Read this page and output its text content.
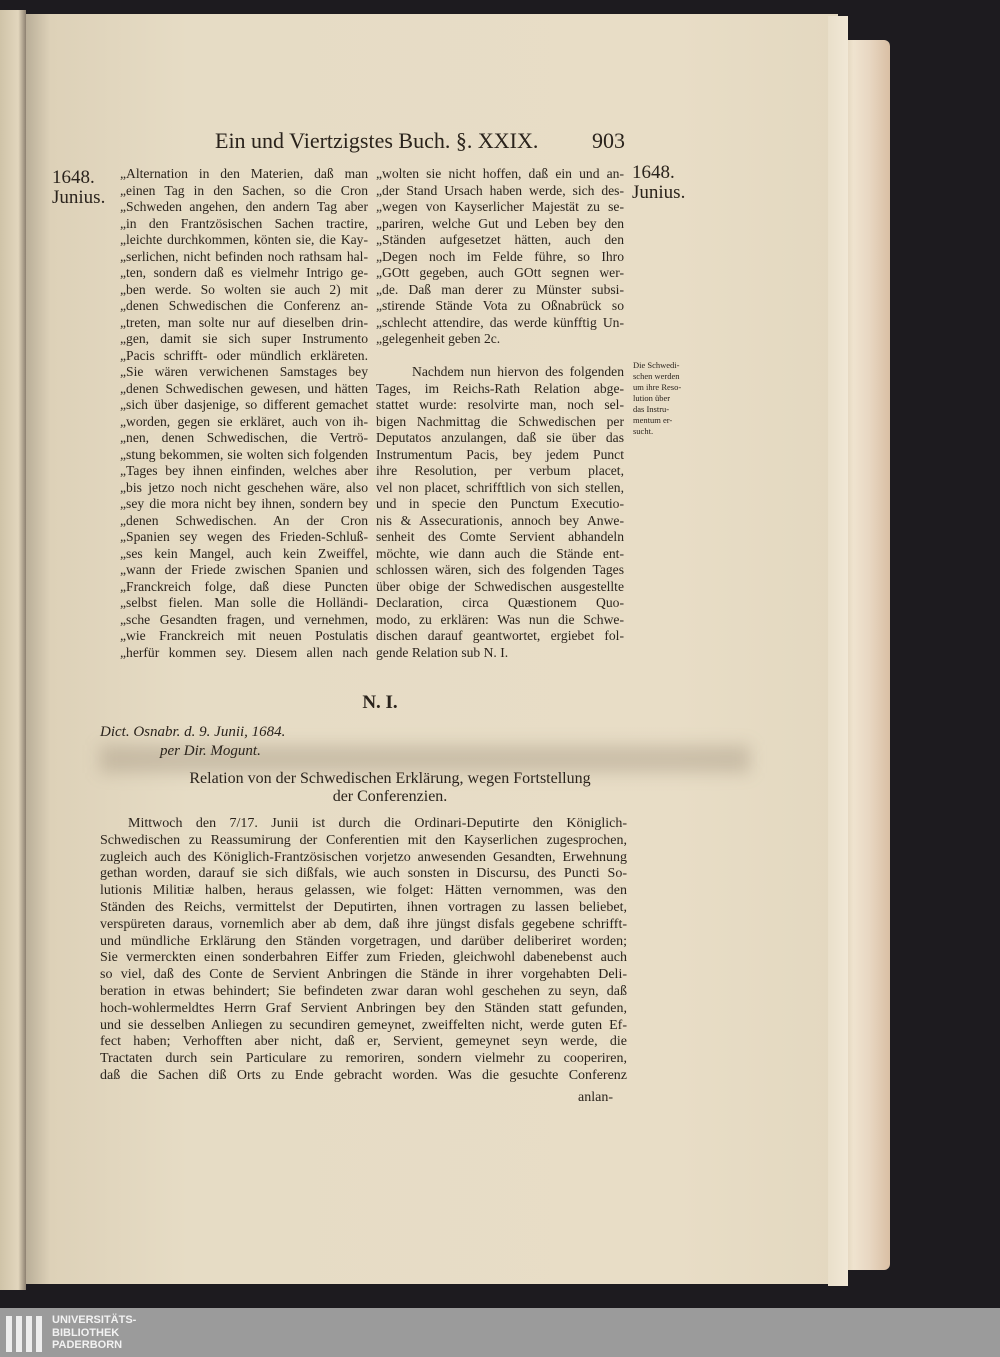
Ein und Viertzigstes Buch. §. XXIX. 903
1648.
Junius.
1648.
Junius.
„Alternation in den Materien, daß man
„einen Tag in den Sachen, so die Cron
„Schweden angehen, den andern Tag aber
„in den Frantzösischen Sachen tractire,
„leichte durchkommen, könten sie, die Kay-
„serlichen, nicht befinden noch rathsam hal-
„ten, sondern daß es vielmehr Intrigo ge-
„ben werde. So wolten sie auch 2) mit
„denen Schwedischen die Conferenz an-
„treten, man solte nur auf dieselben drin-
„gen, damit sie sich super Instrumento
„Pacis schrifft- oder mündlich erkläreten.
„Sie wären verwichenen Samstages bey
„denen Schwedischen gewesen, und hätten
„sich über dasjenige, so different gemachet
„worden, gegen sie erkläret, auch von ih-
„nen, denen Schwedischen, die Vertrö-
„stung bekommen, sie wolten sich folgenden
„Tages bey ihnen einfinden, welches aber
„bis jetzo noch nicht geschehen wäre, also
„sey die mora nicht bey ihnen, sondern bey
„denen Schwedischen. An der Cron
„Spanien sey wegen des Frieden-Schluß-
„ses kein Mangel, auch kein Zweiffel,
„wann der Friede zwischen Spanien und
„Franckreich folge, daß diese Puncten
„selbst fielen. Man solle die Holländi-
„sche Gesandten fragen, und vernehmen,
„wie Franckreich mit neuen Postulatis
„herfür kommen sey. Diesem allen nach
„wolten sie nicht hoffen, daß ein und an-
„der Stand Ursach haben werde, sich des-
„wegen von Kayserlicher Majestät zu se-
„pariren, welche Gut und Leben bey den
„Ständen aufgesetzet hätten, auch den
„Degen noch im Felde führe, so Ihro
„GOtt gegeben, auch GOtt segnen wer-
„de. Daß man derer zu Münster subsi-
„stirende Stände Vota zu Oßnabrück so
„schlecht attendire, das werde künfftig Un-
„gelegenheit geben 2c.
Nachdem nun hiervon des folgenden
Tages, im Reichs-Rath Relation abge-
stattet wurde: resolvirte man, noch sel-
bigen Nachmittag die Schwedischen per
Deputatos anzulangen, daß sie über das
Instrumentum Pacis, bey jedem Punct
ihre Resolution, per verbum placet,
vel non placet, schrifftlich von sich stellen,
und in specie den Punctum Executio-
nis & Assecurationis, annoch bey Anwe-
senheit des Comte Servient abhandeln
möchte, wie dann auch die Stände ent-
schlossen wären, sich des folgenden Tages
über obige der Schwedischen ausgestellte
Declaration, circa Quæstionem Quo-
modo, zu erklären: Was nun die Schwe-
dischen darauf geantwortet, ergiebet fol-
gende Relation sub N. I.
Die Schwedi-
schen werden
um ihre Reso-
lution über
das Instru-
mentum er-
sucht.
N. I.
Dict. Osnabr. d. 9. Junii, 1684.
per Dir. Mogunt.
Relation von der Schwedischen Erklärung, wegen Fortstellung
der Conferenzien.
Mittwoch den 7/17. Junii ist durch die Ordinari-Deputirte den Königlich-
Schwedischen zu Reassumirung der Conferentien mit den Kayserlichen zugesprochen,
zugleich auch des Königlich-Frantzösischen vorjetzo anwesenden Gesandten, Erwehnung
gethan worden, darauf sie sich dißfals, wie auch sonsten in Discursu, des Puncti So-
lutionis Militiæ halben, heraus gelassen, wie folget: Hätten vernommen, was den
Ständen des Reichs, vermittelst der Deputirten, ihnen vortragen zu lassen beliebet,
verspüreten daraus, vornemlich aber ab dem, daß ihre jüngst disfals gegebene schrifft-
und mündliche Erklärung den Ständen vorgetragen, und darüber deliberiret worden;
Sie vermerckten einen sonderbahren Eiffer zum Frieden, gleichwohl dabenebenst auch
so viel, daß des Conte de Servient Anbringen die Stände in ihrer vorgehabten Deli-
beration in etwas behindert; Sie befindeten zwar daran wohl geschehen zu seyn, daß
hoch-wohlermeldtes Herrn Graf Servient Anbringen bey den Ständen statt gefunden,
und sie desselben Anliegen zu secundiren gemeynet, zweiffelten nicht, werde guten Ef-
fect haben; Verhofften aber nicht, daß er, Servient, gemeynet seyn werde, die
Tractaten durch sein Particulare zu remoriren, sondern vielmehr zu cooperiren,
daß die Sachen diß Orts zu Ende gebracht worden. Was die gesuchte Conferenz
anlan-
UNIVERSITÄTS-
BIBLIOTHEK
PADERBORN
